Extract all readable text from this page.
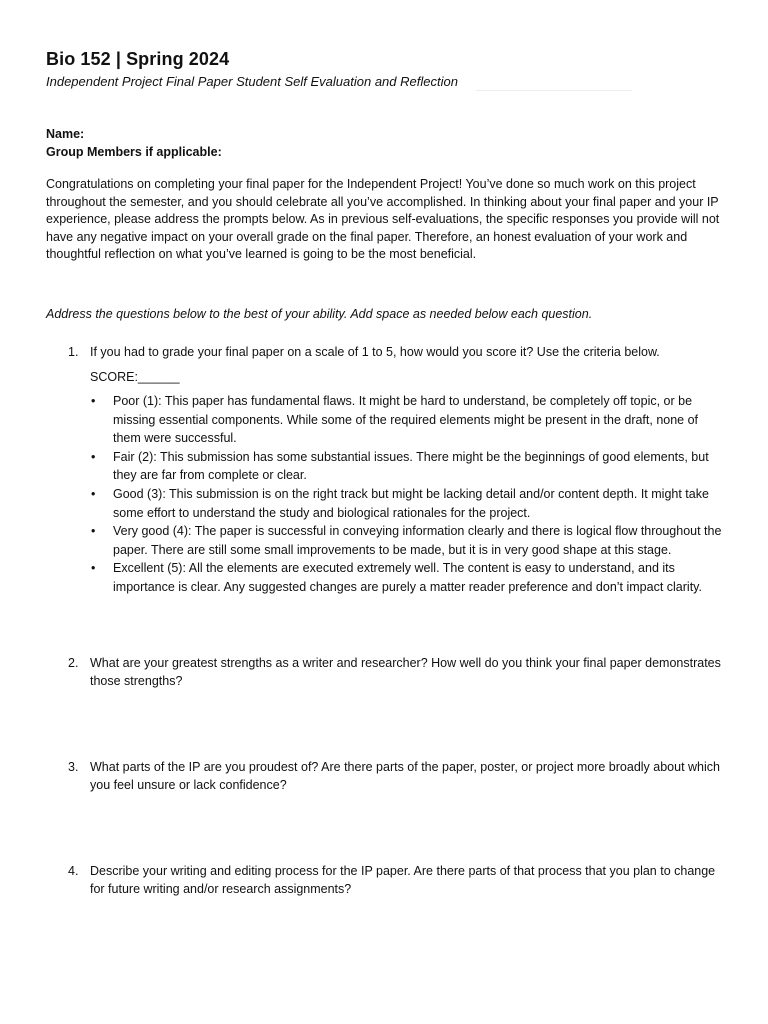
Bio 152 | Spring 2024
Independent Project Final Paper Student Self Evaluation and Reflection
Name:
Group Members if applicable:

Congratulations on completing your final paper for the Independent Project! You’ve done so much work on this project throughout the semester, and you should celebrate all you’ve accomplished. In thinking about your final paper and your IP experience, please address the prompts below. As in previous self-evaluations, the specific responses you provide will not have any negative impact on your overall grade on the final paper. Therefore, an honest evaluation of your work and thoughtful reflection on what you’ve learned is going to be the most beneficial.

Address the questions below to the best of your ability. Add space as needed below each question.
1. If you had to grade your final paper on a scale of 1 to 5, how would you score it? Use the criteria below.
SCORE:______
• Poor (1): This paper has fundamental flaws. It might be hard to understand, be completely off topic, or be missing essential components. While some of the required elements might be present in the draft, none of them were successful.
• Fair (2): This submission has some substantial issues. There might be the beginnings of good elements, but they are far from complete or clear.
• Good (3): This submission is on the right track but might be lacking detail and/or content depth. It might take some effort to understand the study and biological rationales for the project.
• Very good (4): The paper is successful in conveying information clearly and there is logical flow throughout the paper. There are still some small improvements to be made, but it is in very good shape at this stage.
• Excellent (5): All the elements are executed extremely well. The content is easy to understand, and its importance is clear. Any suggested changes are purely a matter reader preference and don’t impact clarity.
2. What are your greatest strengths as a writer and researcher? How well do you think your final paper demonstrates those strengths?
3. What parts of the IP are you proudest of? Are there parts of the paper, poster, or project more broadly about which you feel unsure or lack confidence?
4. Describe your writing and editing process for the IP paper. Are there parts of that process that you plan to change for future writing and/or research assignments?
